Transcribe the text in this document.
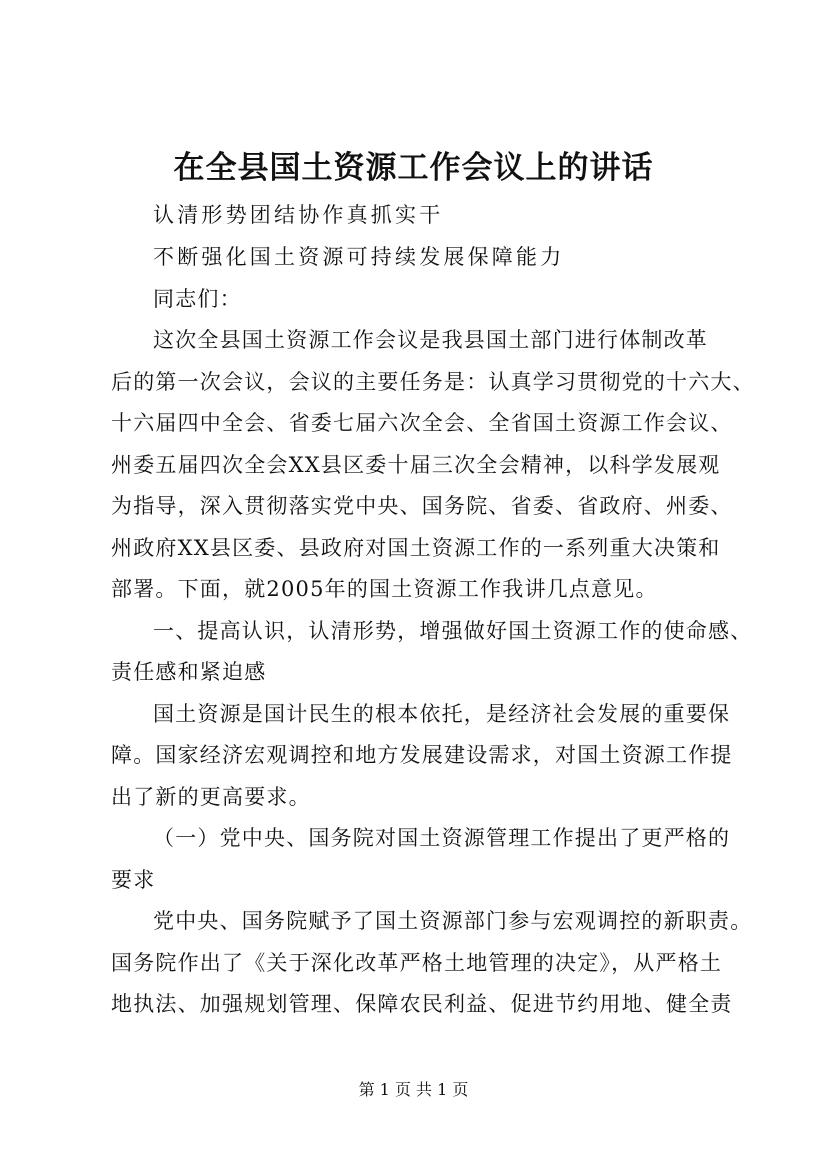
在全县国土资源工作会议上的讲话
认清形势团结协作真抓实干
不断强化国土资源可持续发展保障能力
同志们：
这次全县国土资源工作会议是我县国土部门进行体制改革
后的第一次会议，会议的主要任务是：认真学习贯彻党的十六大、
十六届四中全会、省委七届六次全会、全省国土资源工作会议、
州委五届四次全会XX县区委十届三次全会精神，以科学发展观
为指导，深入贯彻落实党中央、国务院、省委、省政府、州委、
州政府XX县区委、县政府对国土资源工作的一系列重大决策和
部署。下面，就2005年的国土资源工作我讲几点意见。
一、提高认识，认清形势，增强做好国土资源工作的使命感、
责任感和紧迫感
国土资源是国计民生的根本依托，是经济社会发展的重要保
障。国家经济宏观调控和地方发展建设需求，对国土资源工作提
出了新的更高要求。
（一）党中央、国务院对国土资源管理工作提出了更严格的
要求
党中央、国务院赋予了国土资源部门参与宏观调控的新职责。
国务院作出了《关于深化改革严格土地管理的决定》，从严格土
地执法、加强规划管理、保障农民利益、促进节约用地、健全责
第 1 页 共 1 页
